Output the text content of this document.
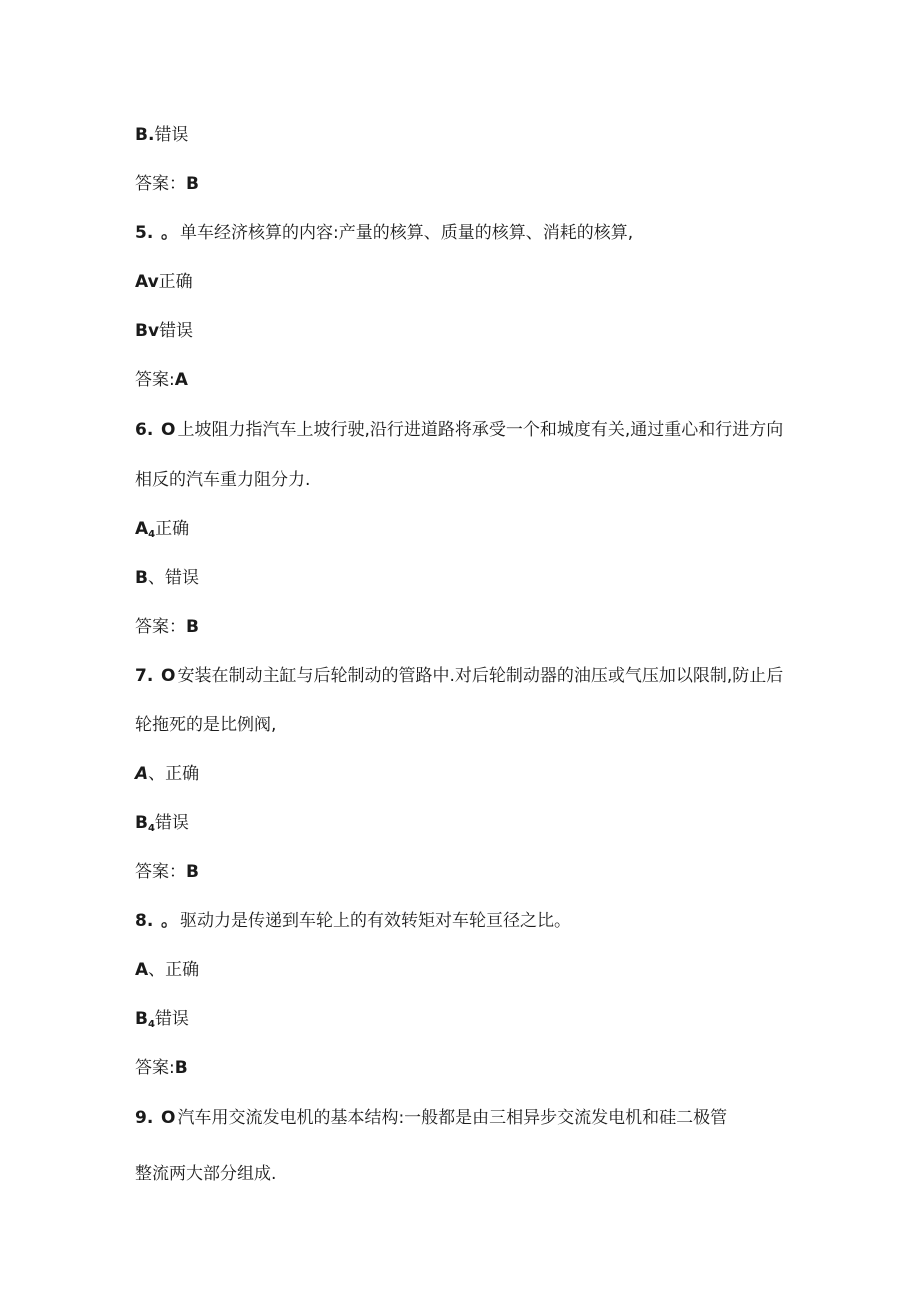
B.错误
答案：B
5. 。 单车经济核算的内容:产量的核算、质量的核算、消耗的核算,
Av正确
Bv错误
答案:A
6. O 上坡阻力指汽车上坡行驶,沿行进道路将承受一个和城度有关,通过重心和行进方向
相反的汽车重力阻分力.
$A_4$正确
B、错误
答案：B
7. O 安装在制动主缸与后轮制动的管路中.对后轮制动器的油压或气压加以限制,防止后
轮拖死的是比例阀,
A、正确
$B_4$错误
答案：B
8. 。 驱动力是传递到车轮上的有效转矩对车轮亘径之比。
A、正确
$B_4$错误
答案:B
9. O 汽车用交流发电机的基本结构:一般都是由三相异步交流发电机和硅二极管
整流两大部分组成.
